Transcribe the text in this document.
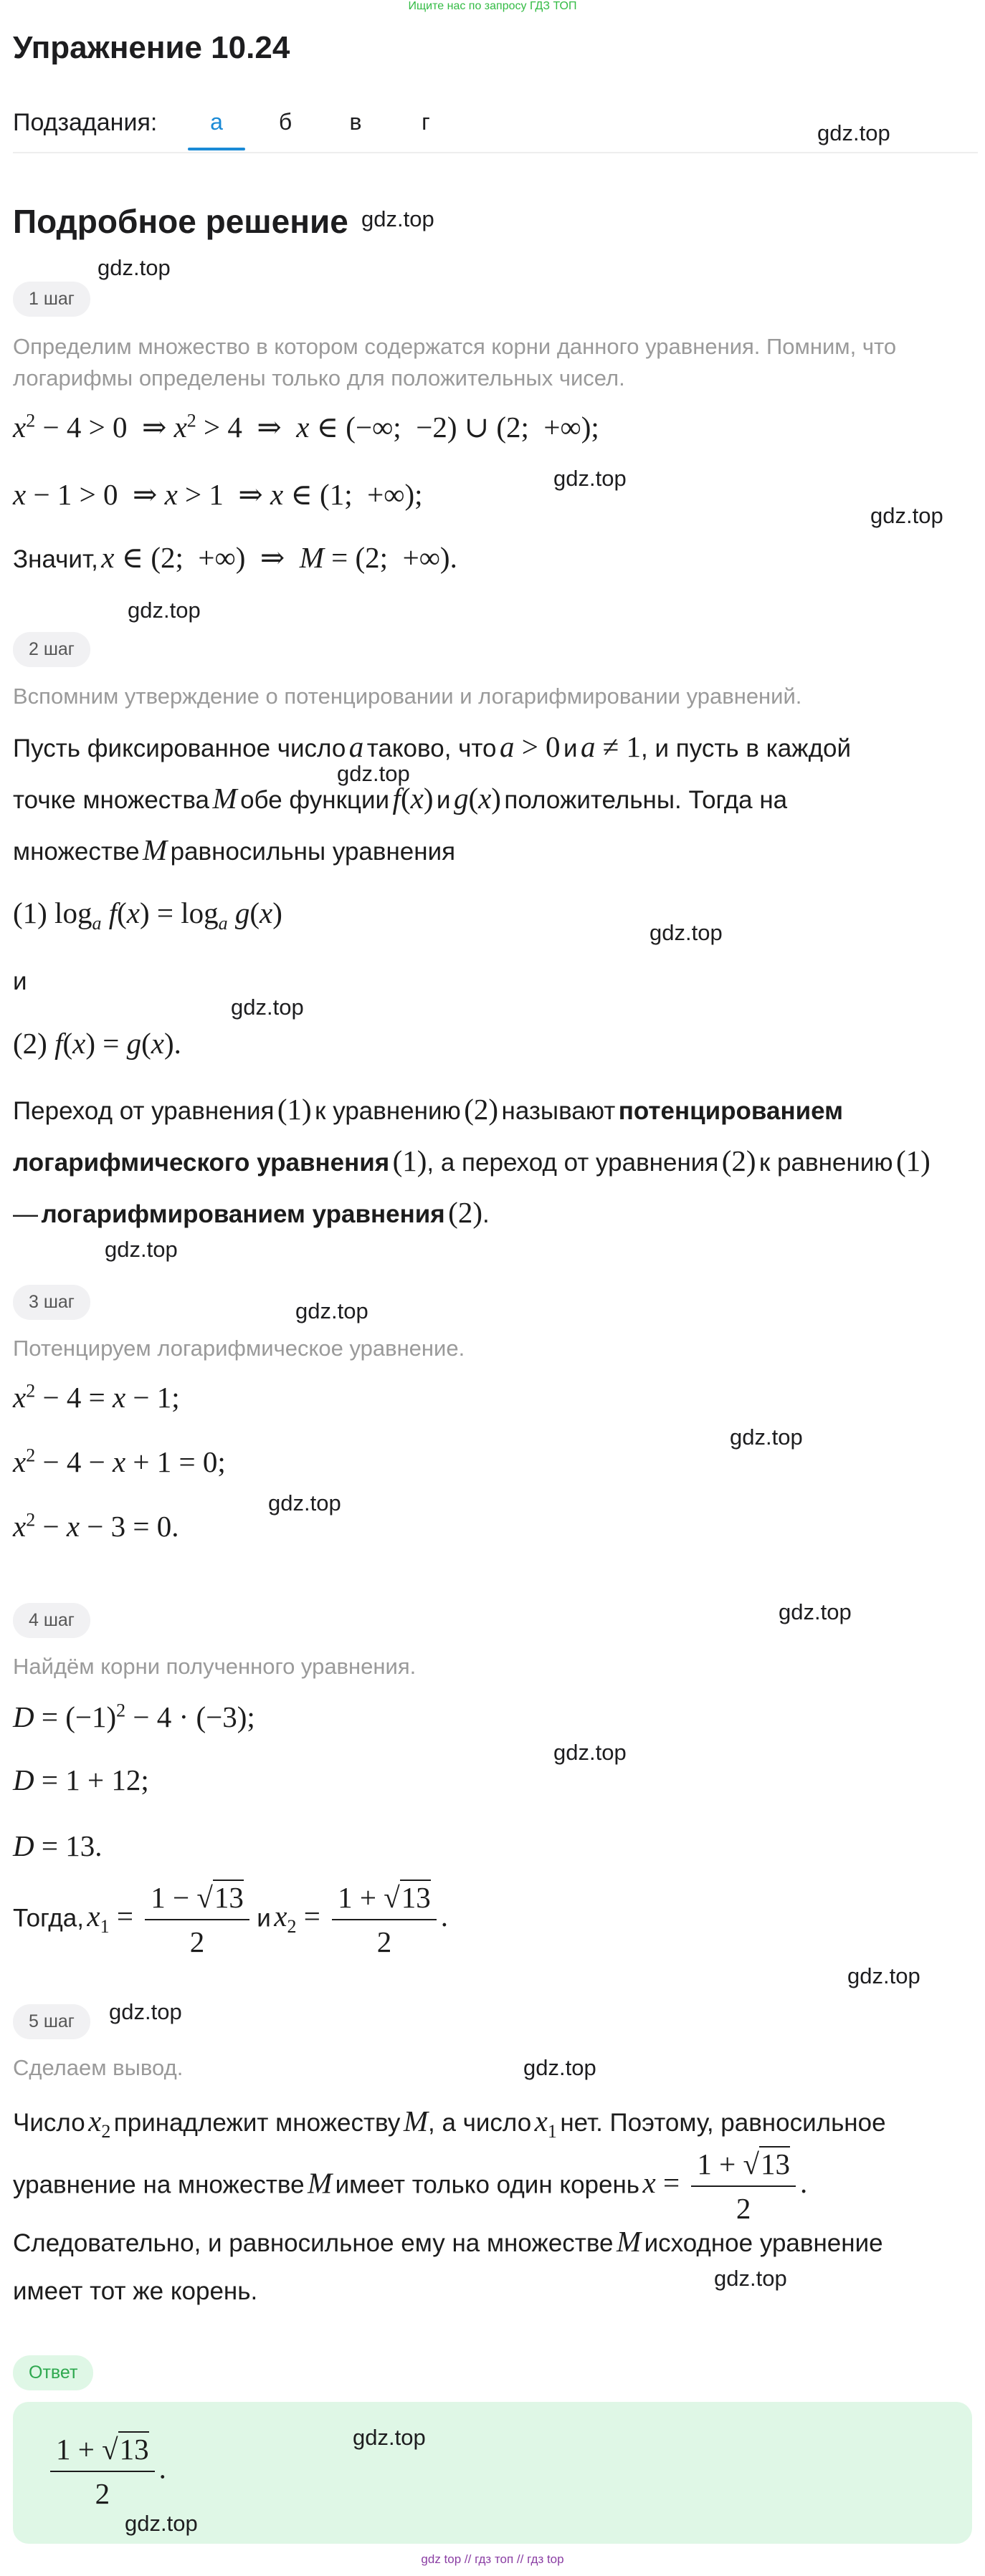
Ищите нас по запросу ГДЗ ТОП
Упражнение 10.24
Подзадания:	а	б	в	г	gdz.top
Подробное решение gdz.top
gdz.top
1 шаг
Определим множество в котором содержатся корни данного уравнения. Помним, что
логарифмы определены только для положительных чисел.
$x^2 - 4 > 0$  ⇒ $x^2 > 4$  ⇒  x ∈ (−∞;  −2) ∪ (2;  +∞);
x − 1 > 0  ⇒ x > 1  ⇒ x ∈ (1;  +∞);	gdz.top
gdz.top
Значит, x ∈ (2;  +∞)  ⇒  M = (2;  +∞).
gdz.top
2 шаг
Вспомним утверждение о потенцировании и логарифмировании уравнений.
Пусть фиксированное число a таково, что a > 0 и a ≠ 1, и пусть в каждой
gdz.top
точке множества M обе функции f(x) и g(x) положительны. Тогда на
множестве M равносильны уравнения
(1) $\log_a f(x) = \log_a g(x)$
gdz.top
и
gdz.top
(2) f(x) = g(x).
Переход от уравнения (1) к уравнению (2) называют потенцированием
логарифмического уравнения (1), а переход от уравнения (2) к равнению (1)
— логарифмированием уравнения (2).
gdz.top
3 шаг	gdz.top
Потенцируем логарифмическое уравнение.
$x^2 - 4 = x - 1$;
gdz.top
$x^2 - 4 - x + 1 = 0$;
gdz.top
$x^2 - x - 3 = 0$.
4 шаг	gdz.top
Найдём корни полученного уравнения.
$D = (-1)^2 - 4 \cdot (-3)$;
gdz.top
D = 1 + 12;
D = 13.
Тогда, $x_1 = \frac{1 - √13}{2}$ и $x_2 = \frac{1 + √13}{2}$ .
gdz.top
5 шаг	gdz.top
Сделаем вывод.	gdz.top
Число $x_2$ принадлежит множеству M, а число $x_1$ нет. Поэтому, равносильное
уравнение на множестве M имеет только один корень $x = \frac{1 + √13}{2}$ .
Следовательно, и равносильное ему на множестве M исходное уравнение
gdz.top
имеет тот же корень.
Ответ
$\frac{1 + √13}{2}$ .
gdz.top
gdz.top
gdz top // гдз топ // гдз top
